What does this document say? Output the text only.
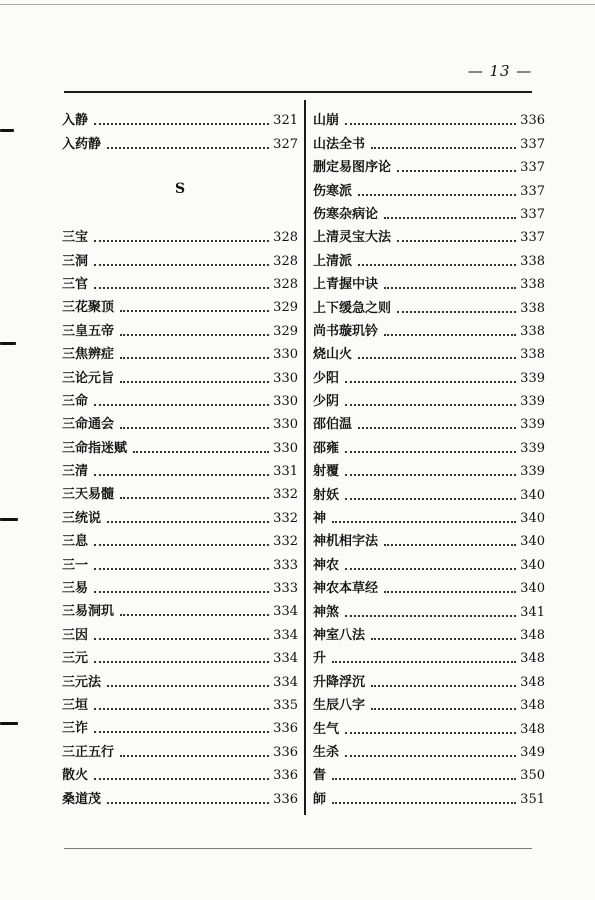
— 13 —
入静	321
入药静	327
S
三宝	328
三洞	328
三官	328
三花聚顶	329
三皇五帝	329
三焦辨症	330
三论元旨	330
三命	330
三命通会	330
三命指迷赋	330
三清	331
三天易髓	332
三统说	332
三息	332
三一	333
三易	333
三易洞玑	334
三因	334
三元	334
三元法	334
三垣	335
三诈	336
三正五行	336
散火	336
桑道茂	336
山崩	336
山法全书	337
删定易图序论	337
伤寒派	337
伤寒杂病论	337
上清灵宝大法	337
上清派	338
上青握中诀	338
上下缓急之则	338
尚书璇玑钤	338
烧山火	338
少阳	339
少阴	339
邵伯温	339
邵雍	339
射覆	339
射妖	340
神	340
神机相字法	340
神农	340
神农本草经	340
神煞	341
神室八法	348
升	348
升降浮沉	348
生辰八字	348
生气	348
生杀	349
眚	350
師	351
